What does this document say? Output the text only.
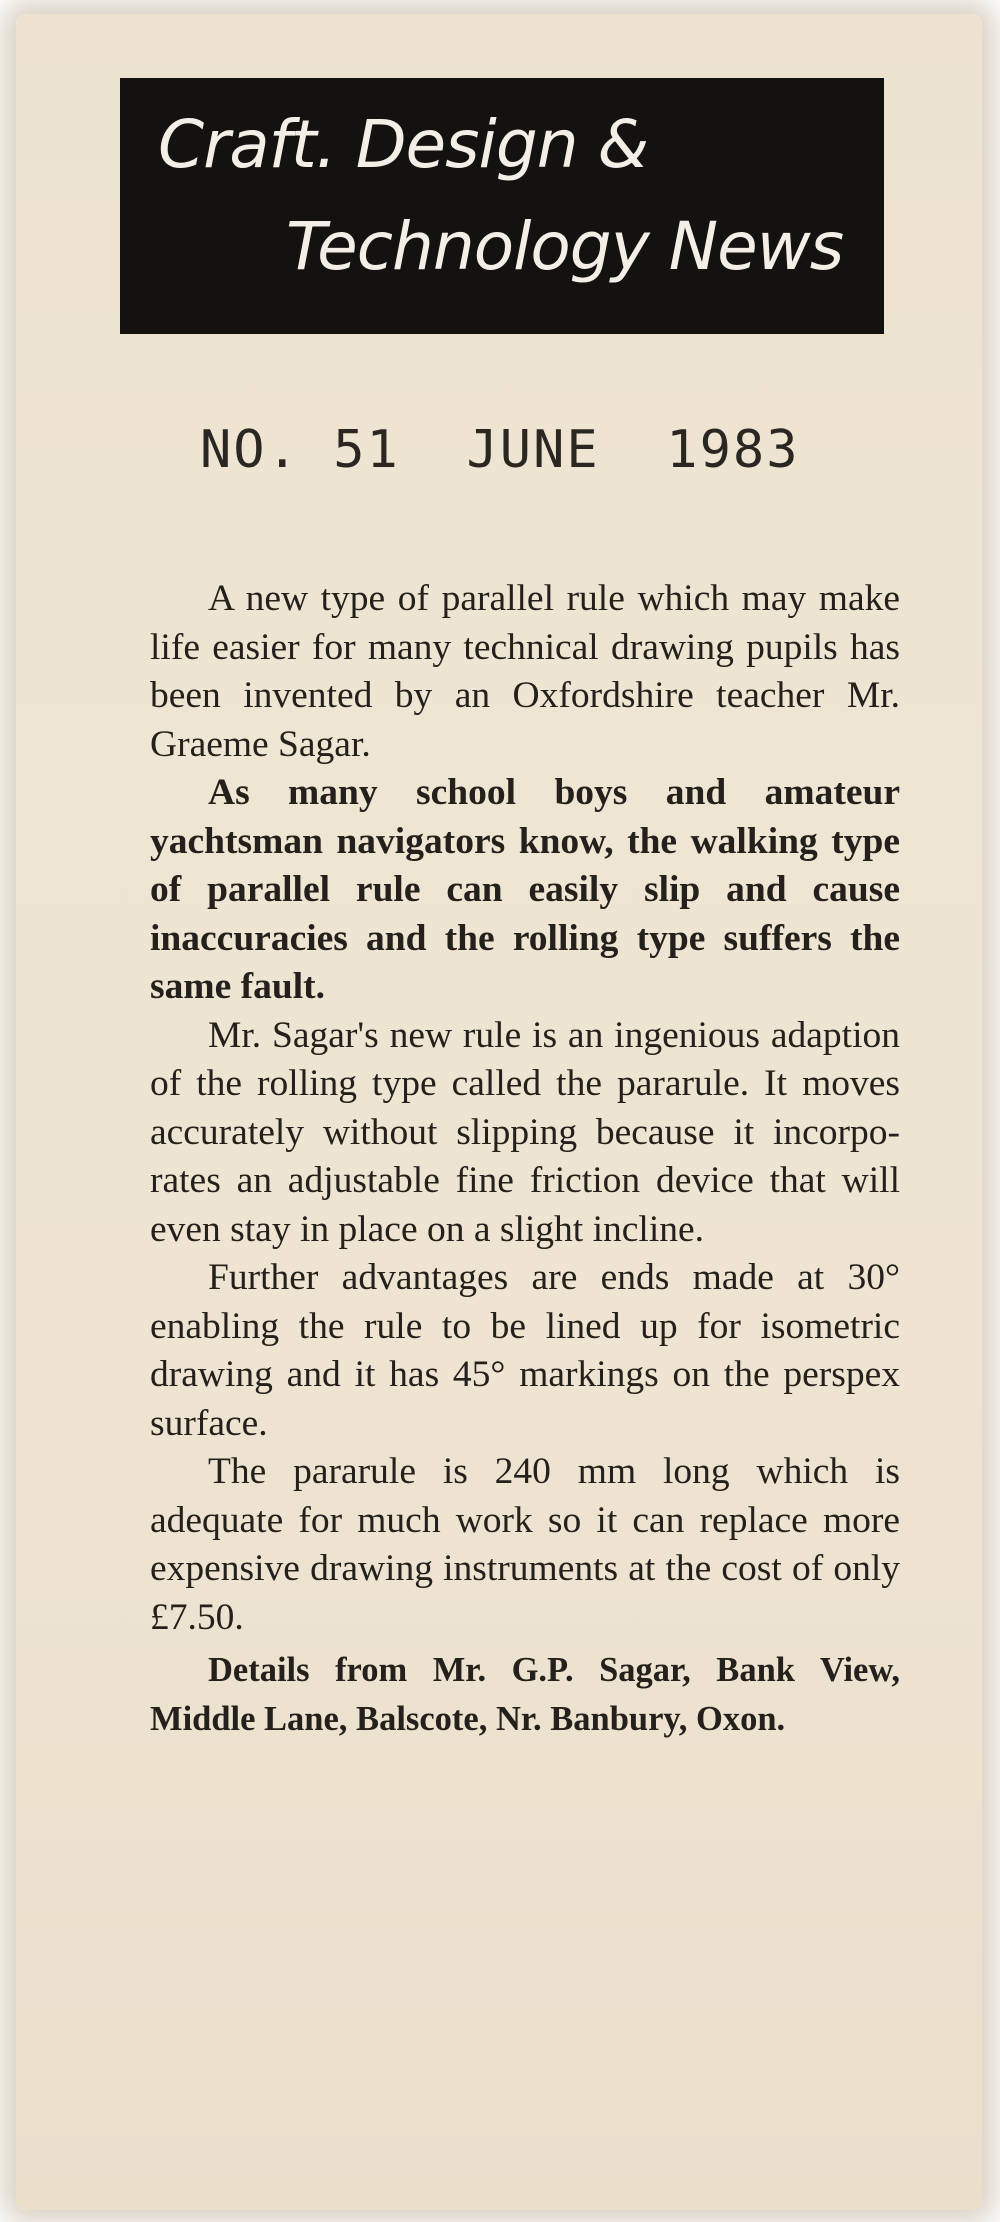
Craft. Design &
Technology News
NO. 51  JUNE  1983

A new type of parallel rule which may make life easier for many technical drawing pupils has been invented by an Oxfordshire teacher Mr. Graeme Sagar.

As many school boys and amateur yachtsman navigators know, the walking type of parallel rule can easily slip and cause inaccuracies and the rolling type suffers the same fault.

Mr. Sagar's new rule is an ingenious adaption of the rolling type called the pararule. It moves accurately without slipping because it incorporates an adjustable fine friction device that will even stay in place on a slight incline.

Further advantages are ends made at 30° enabling the rule to be lined up for isometric drawing and it has 45° markings on the perspex surface.

The pararule is 240 mm long which is adequate for much work so it can replace more expensive drawing instruments at the cost of only £7.50.

Details from Mr. G.P. Sagar, Bank View, Middle Lane, Balscote, Nr. Banbury, Oxon.
